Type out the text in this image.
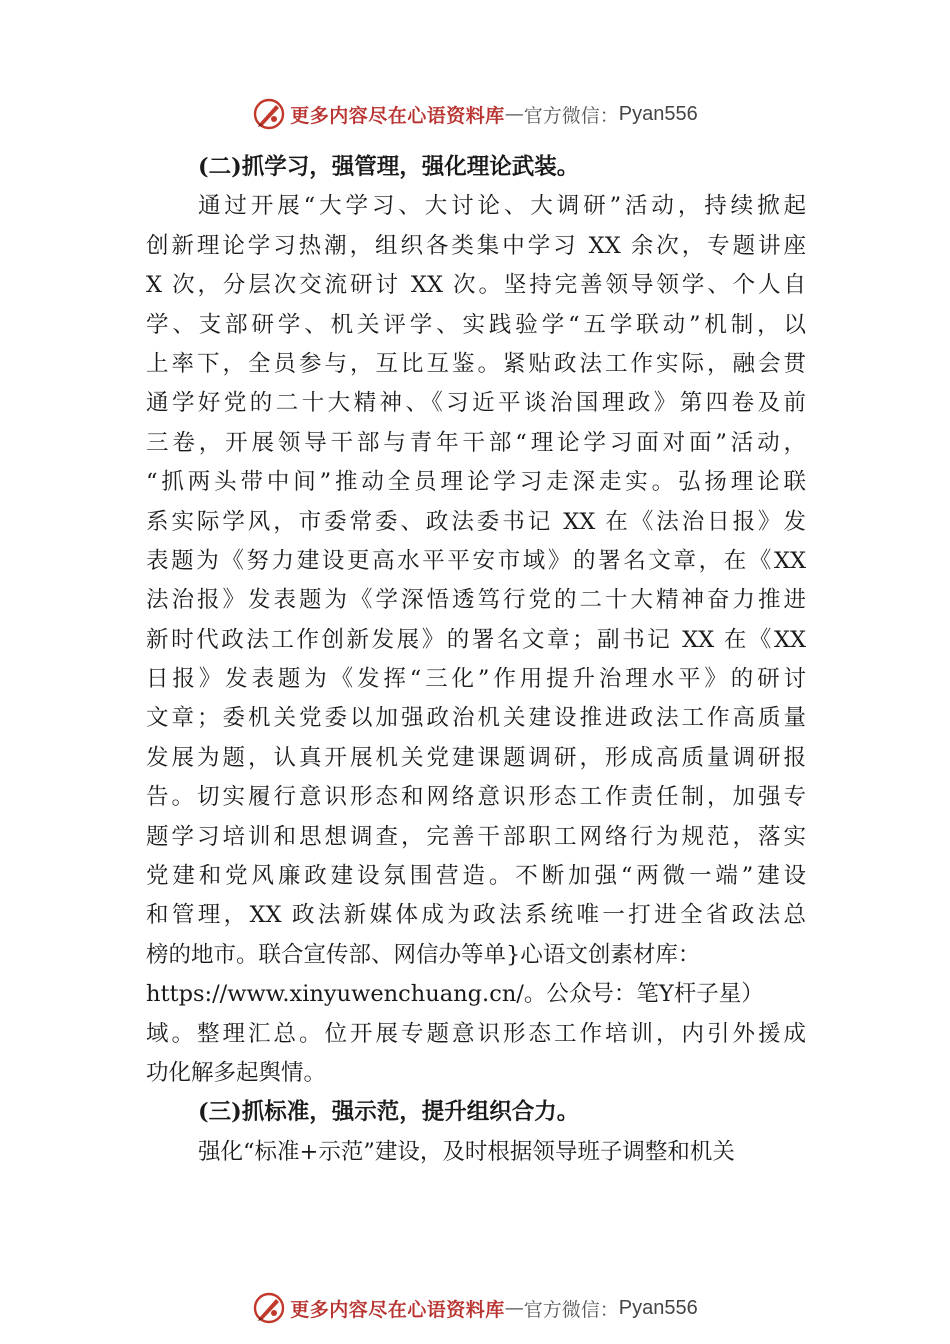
更多内容尽在心语资料库 — 官方微信： Pyan556
(二)抓学习，强管理，强化理论武装。
通过开展“大学习、大讨论、大调研”活动，持续掀起
创新理论学习热潮，组织各类集中学习 XX 余次，专题讲座
X 次，分层次交流研讨 XX 次。坚持完善领导领学、个人自
学、支部研学、机关评学、实践验学“五学联动”机制，以
上率下，全员参与，互比互鉴。紧贴政法工作实际，融会贯
通学好党的二十大精神、《习近平谈治国理政》第四卷及前
三卷，开展领导干部与青年干部“理论学习面对面”活动，
“抓两头带中间”推动全员理论学习走深走实。弘扬理论联
系实际学风，市委常委、政法委书记 XX 在《法治日报》发
表题为《努力建设更高水平平安市域》的署名文章，在《XX
法治报》发表题为《学深悟透笃行党的二十大精神奋力推进
新时代政法工作创新发展》的署名文章；副书记 XX 在《XX
日报》发表题为《发挥“三化”作用提升治理水平》的研讨
文章；委机关党委以加强政治机关建设推进政法工作高质量
发展为题，认真开展机关党建课题调研，形成高质量调研报
告。切实履行意识形态和网络意识形态工作责任制，加强专
题学习培训和思想调查，完善干部职工网络行为规范，落实
党建和党风廉政建设氛围营造。不断加强“两微一端”建设
和管理，XX 政法新媒体成为政法系统唯一打进全省政法总
榜的地市。联合宣传部、网信办等单}心语文创素材库：
https://www.xinyuwenchuang.cn/。公众号：笔Y杆子星）
域。整理汇总。位开展专题意识形态工作培训，内引外援成
功化解多起舆情。
(三)抓标准，强示范，提升组织合力。
强化“标准+示范”建设，及时根据领导班子调整和机关
更多内容尽在心语资料库 — 官方微信： Pyan556
